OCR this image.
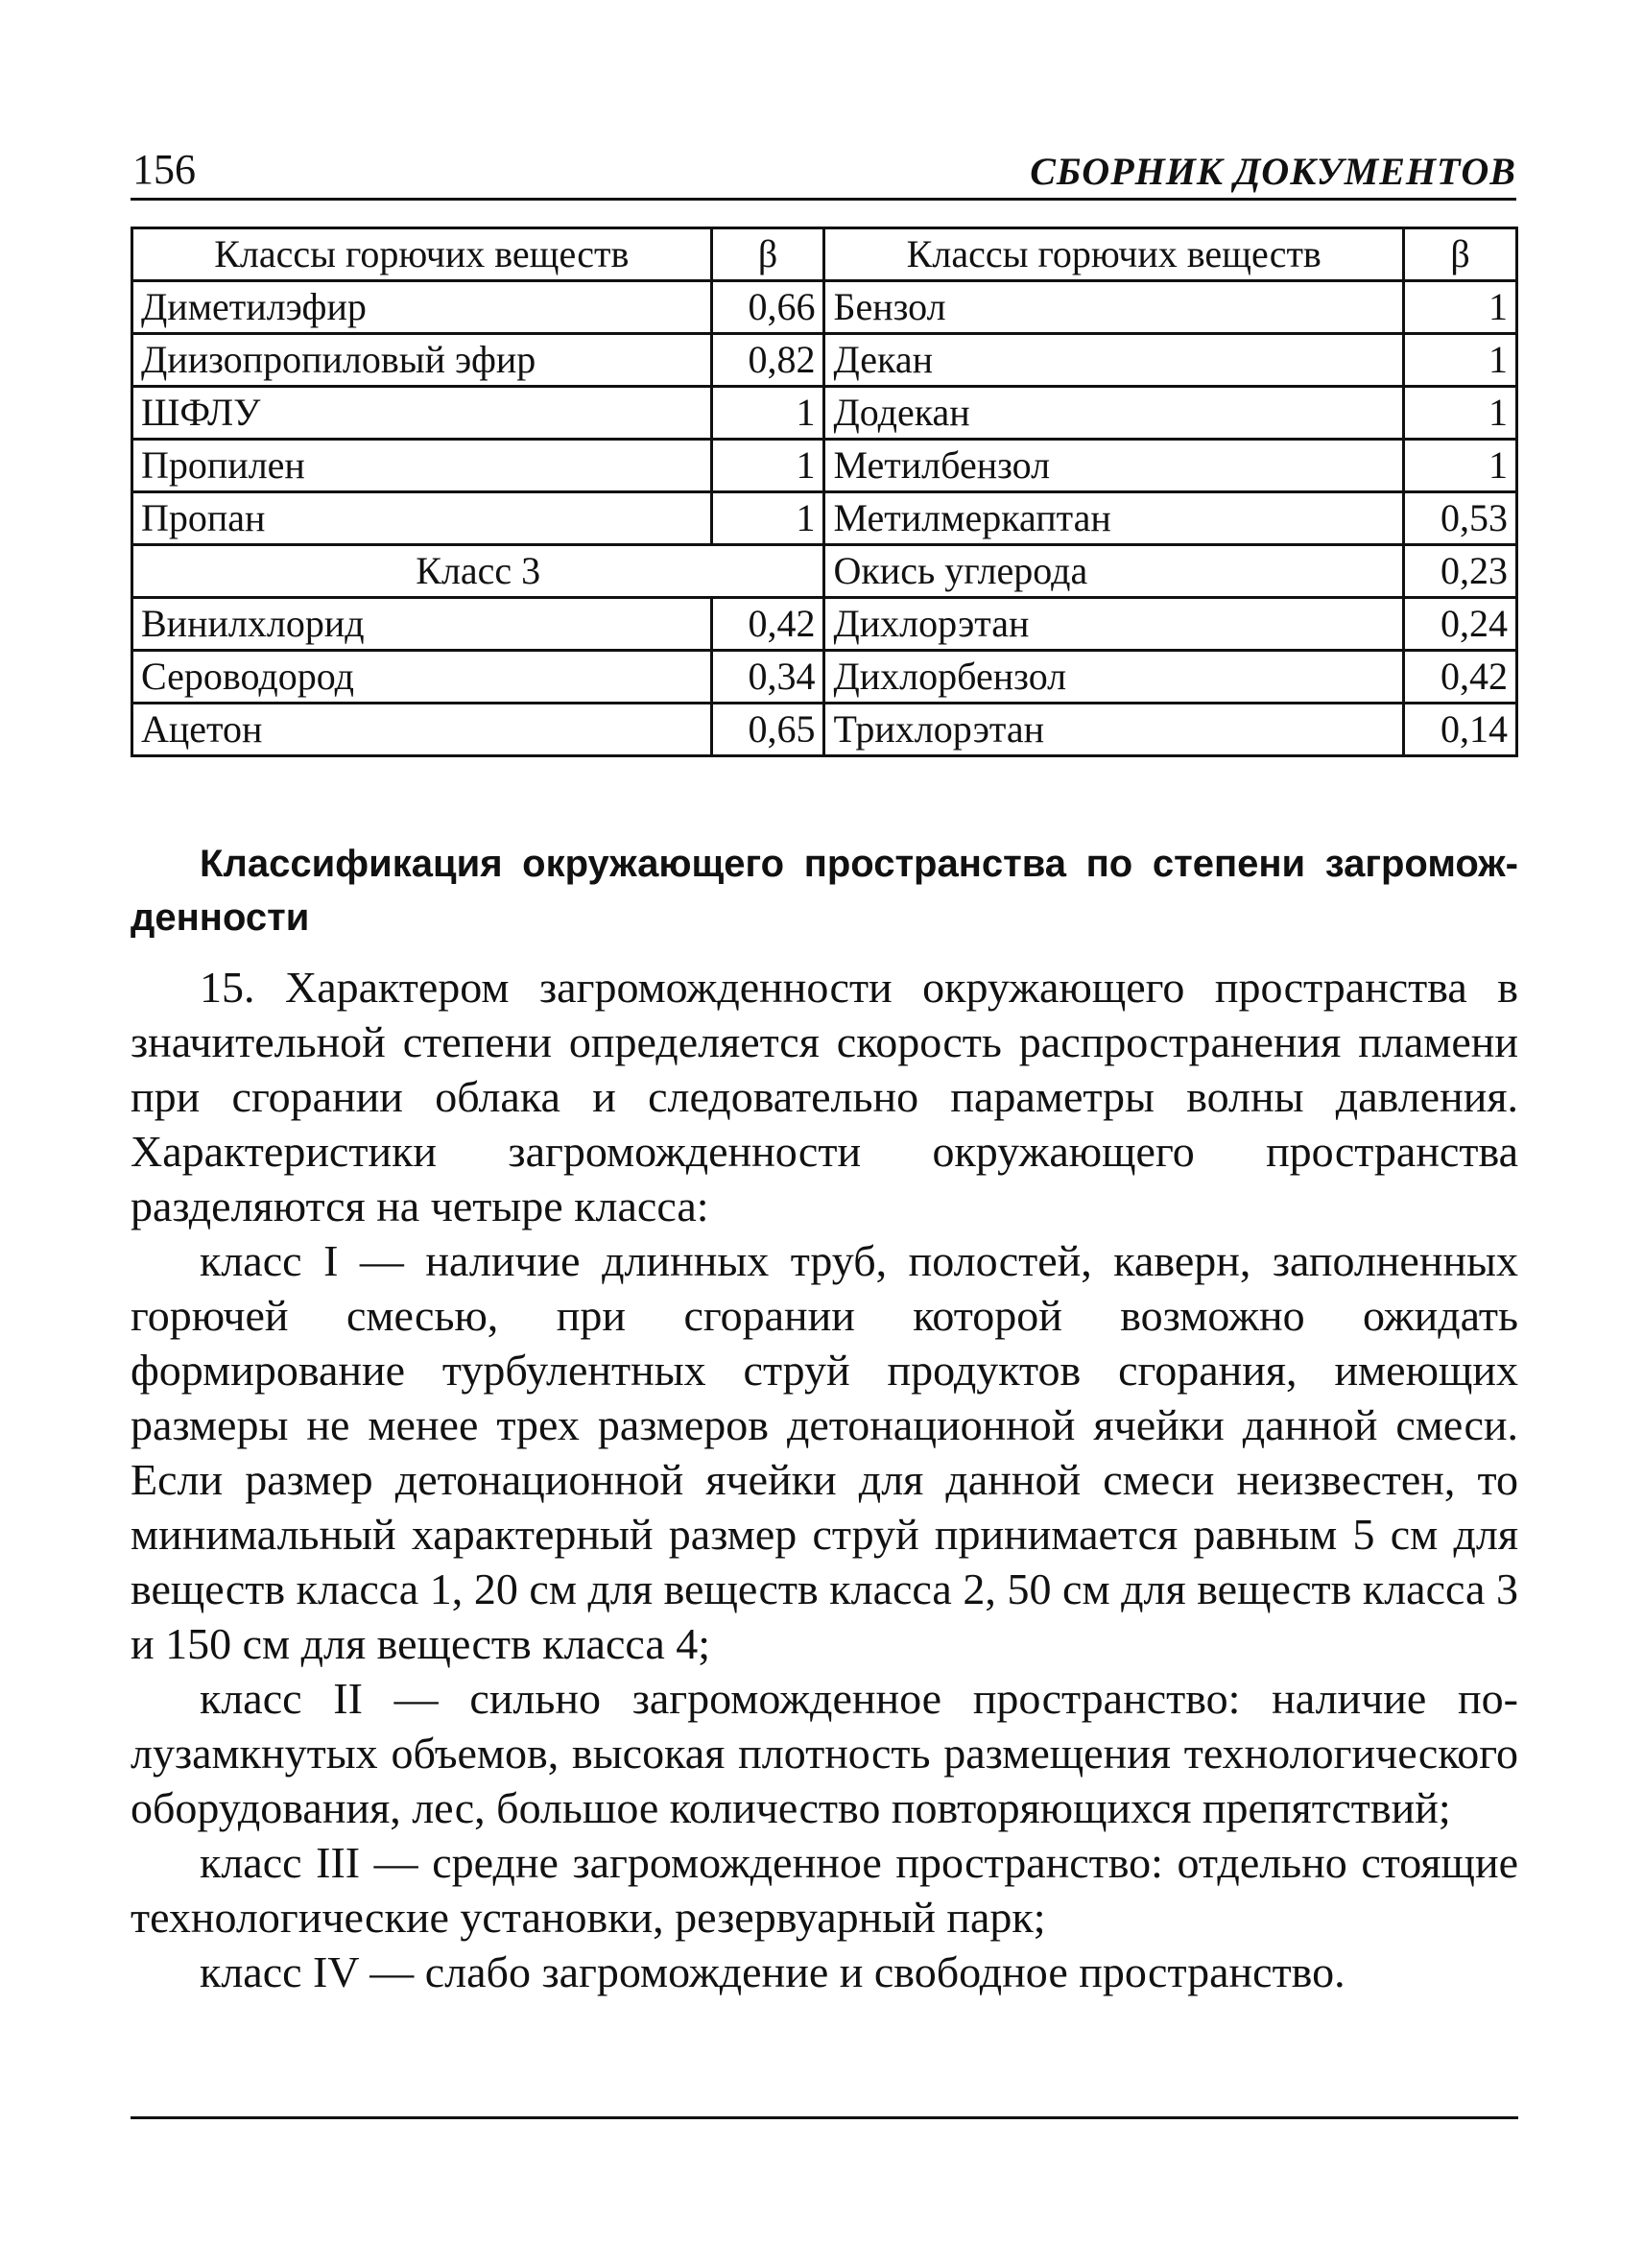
156	СБОРНИК ДОКУМЕНТОВ
Классы горючих веществ	β	Классы горючих веществ	β
Диметилэфир	0,66	Бензол	1
Диизопропиловый эфир	0,82	Декан	1
ШФЛУ	1	Додекан	1
Пропилен	1	Метилбензол	1
Пропан	1	Метилмеркаптан	0,53
Класс 3		Окись углерода	0,23
Винилхлорид	0,42	Дихлорэтан	0,24
Сероводород	0,34	Дихлорбензол	0,42
Ацетон	0,65	Трихлорэтан	0,14
Классификация окружающего пространства по степени загроможденности

15. Характером загроможденности окружающего пространства в значительной степени определяется скорость распространения пламени при сгорании облака и следовательно параметры волны давления. Характеристики загроможденности окружающего пространства разделяются на четыре класса:

класс I — наличие длинных труб, полостей, каверн, заполненных горючей смесью, при сгорании которой возможно ожидать формирование турбулентных струй продуктов сгорания, имеющих размеры не менее трех размеров детонационной ячейки данной смеси. Если размер детонационной ячейки для данной смеси неизвестен, то минимальный характерный размер струй принимается равным 5 см для веществ класса 1, 20 см для веществ класса 2, 50 см для веществ класса 3 и 150 см для веществ класса 4;

класс II — сильно загроможденное пространство: наличие полузамкнутых объемов, высокая плотность размещения технологического оборудования, лес, большое количество повторяющихся препятствий;

класс III — средне загроможденное пространство: отдельно стоящие технологические установки, резервуарный парк;

класс IV — слабо загромождение и свободное пространство.
